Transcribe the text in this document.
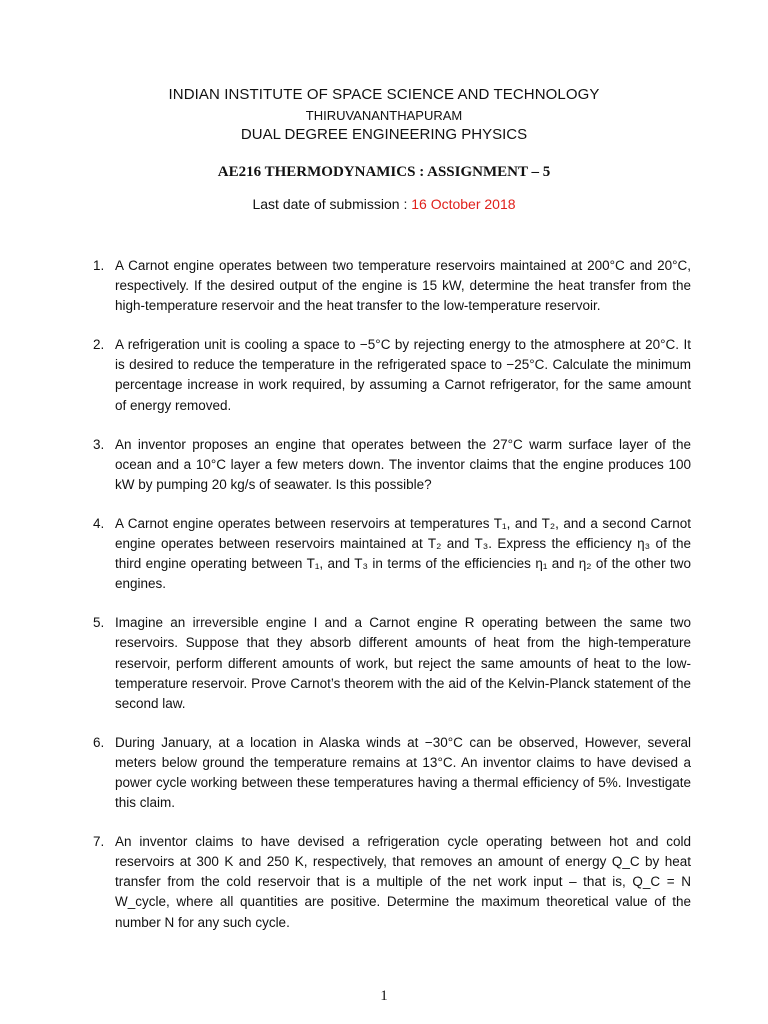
INDIAN INSTITUTE OF SPACE SCIENCE AND TECHNOLOGY
THIRUVANANTHAPURAM
DUAL DEGREE ENGINEERING PHYSICS
AE216 THERMODYNAMICS : ASSIGNMENT – 5
Last date of submission : 16 October 2018
1. A Carnot engine operates between two temperature reservoirs maintained at 200°C and 20°C, respectively. If the desired output of the engine is 15 kW, determine the heat transfer from the high-temperature reservoir and the heat transfer to the low-temperature reservoir.
2. A refrigeration unit is cooling a space to −5°C by rejecting energy to the atmosphere at 20°C. It is desired to reduce the temperature in the refrigerated space to −25°C. Calculate the minimum percentage increase in work required, by assuming a Carnot refrigerator, for the same amount of energy removed.
3. An inventor proposes an engine that operates between the 27°C warm surface layer of the ocean and a 10°C layer a few meters down. The inventor claims that the engine produces 100 kW by pumping 20 kg/s of seawater. Is this possible?
4. A Carnot engine operates between reservoirs at temperatures T₁, and T₂, and a second Carnot engine operates between reservoirs maintained at T₂ and T₃. Express the efficiency η₃ of the third engine operating between T₁, and T₃ in terms of the efficiencies η₁ and η₂ of the other two engines.
5. Imagine an irreversible engine I and a Carnot engine R operating between the same two reservoirs. Suppose that they absorb different amounts of heat from the high-temperature reservoir, perform different amounts of work, but reject the same amounts of heat to the low-temperature reservoir. Prove Carnot’s theorem with the aid of the Kelvin-Planck statement of the second law.
6. During January, at a location in Alaska winds at −30°C can be observed, However, several meters below ground the temperature remains at 13°C. An inventor claims to have devised a power cycle working between these temperatures having a thermal efficiency of 5%. Investigate this claim.
7. An inventor claims to have devised a refrigeration cycle operating between hot and cold reservoirs at 300 K and 250 K, respectively, that removes an amount of energy Q_C by heat transfer from the cold reservoir that is a multiple of the net work input – that is, Q_C = N W_cycle, where all quantities are positive. Determine the maximum theoretical value of the number N for any such cycle.
1
